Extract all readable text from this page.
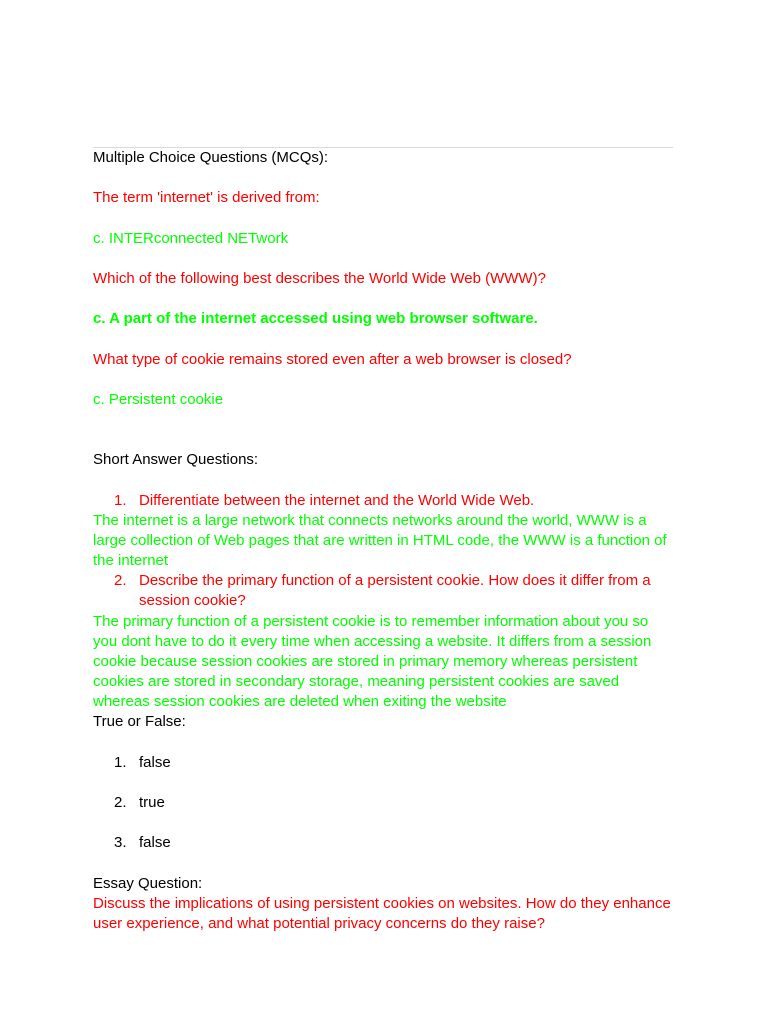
Multiple Choice Questions (MCQs):
The term 'internet' is derived from:
c. INTERconnected NETwork
Which of the following best describes the World Wide Web (WWW)?
c. A part of the internet accessed using web browser software.
What type of cookie remains stored even after a web browser is closed?
c. Persistent cookie
Short Answer Questions:
1. Differentiate between the internet and the World Wide Web.
The internet is a large network that connects networks around the world, WWW is a large collection of Web pages that are written in HTML code, the WWW is a function of the internet
2. Describe the primary function of a persistent cookie. How does it differ from a session cookie?
The primary function of a persistent cookie is to remember information about you so you dont have to do it every time when accessing a website. It differs from a session cookie because session cookies are stored in primary memory whereas persistent cookies are stored in secondary storage, meaning persistent cookies are saved whereas session cookies are deleted when exiting the website
True or False:
1. false
2. true
3. false
Essay Question:
Discuss the implications of using persistent cookies on websites. How do they enhance user experience, and what potential privacy concerns do they raise?
